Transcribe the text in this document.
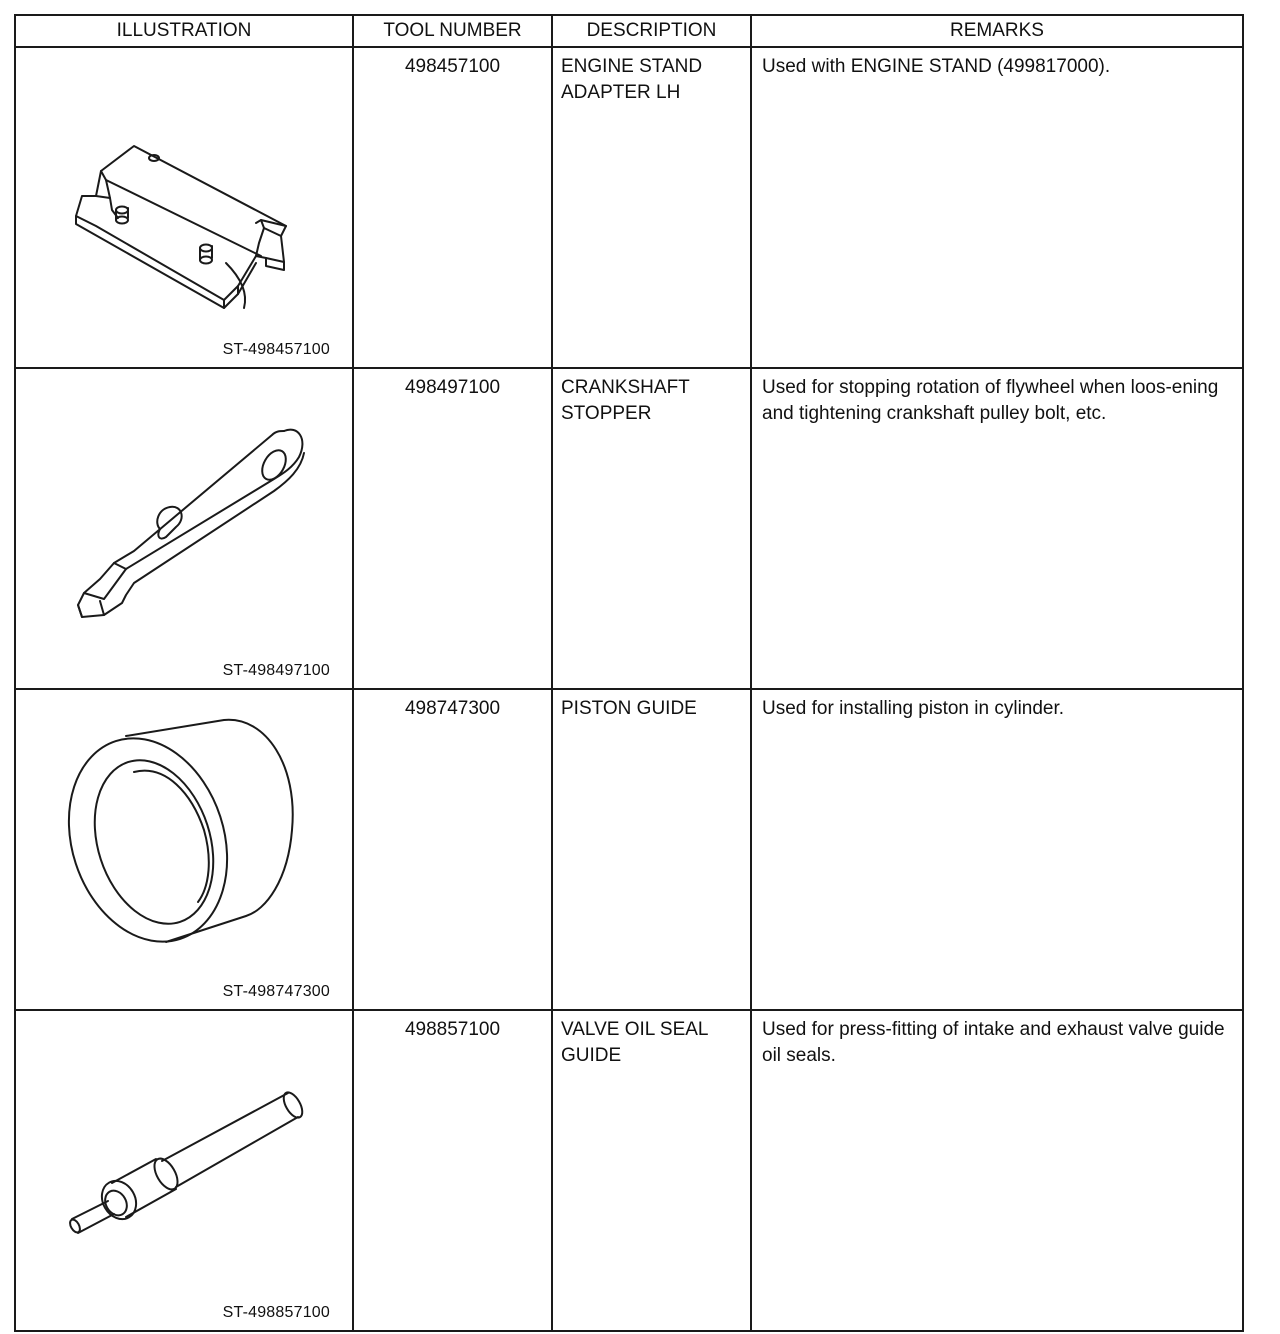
ILLUSTRATION	TOOL NUMBER	DESCRIPTION	REMARKS

ST-498457100	498457100	ENGINE STAND ADAPTER LH	Used with ENGINE STAND (499817000).

ST-498497100	498497100	CRANKSHAFT STOPPER	Used for stopping rotation of flywheel when loos-ening and tightening crankshaft pulley bolt, etc.

ST-498747300	498747300	PISTON GUIDE	Used for installing piston in cylinder.

ST-498857100	498857100	VALVE OIL SEAL GUIDE	Used for press-fitting of intake and exhaust valve guide oil seals.
